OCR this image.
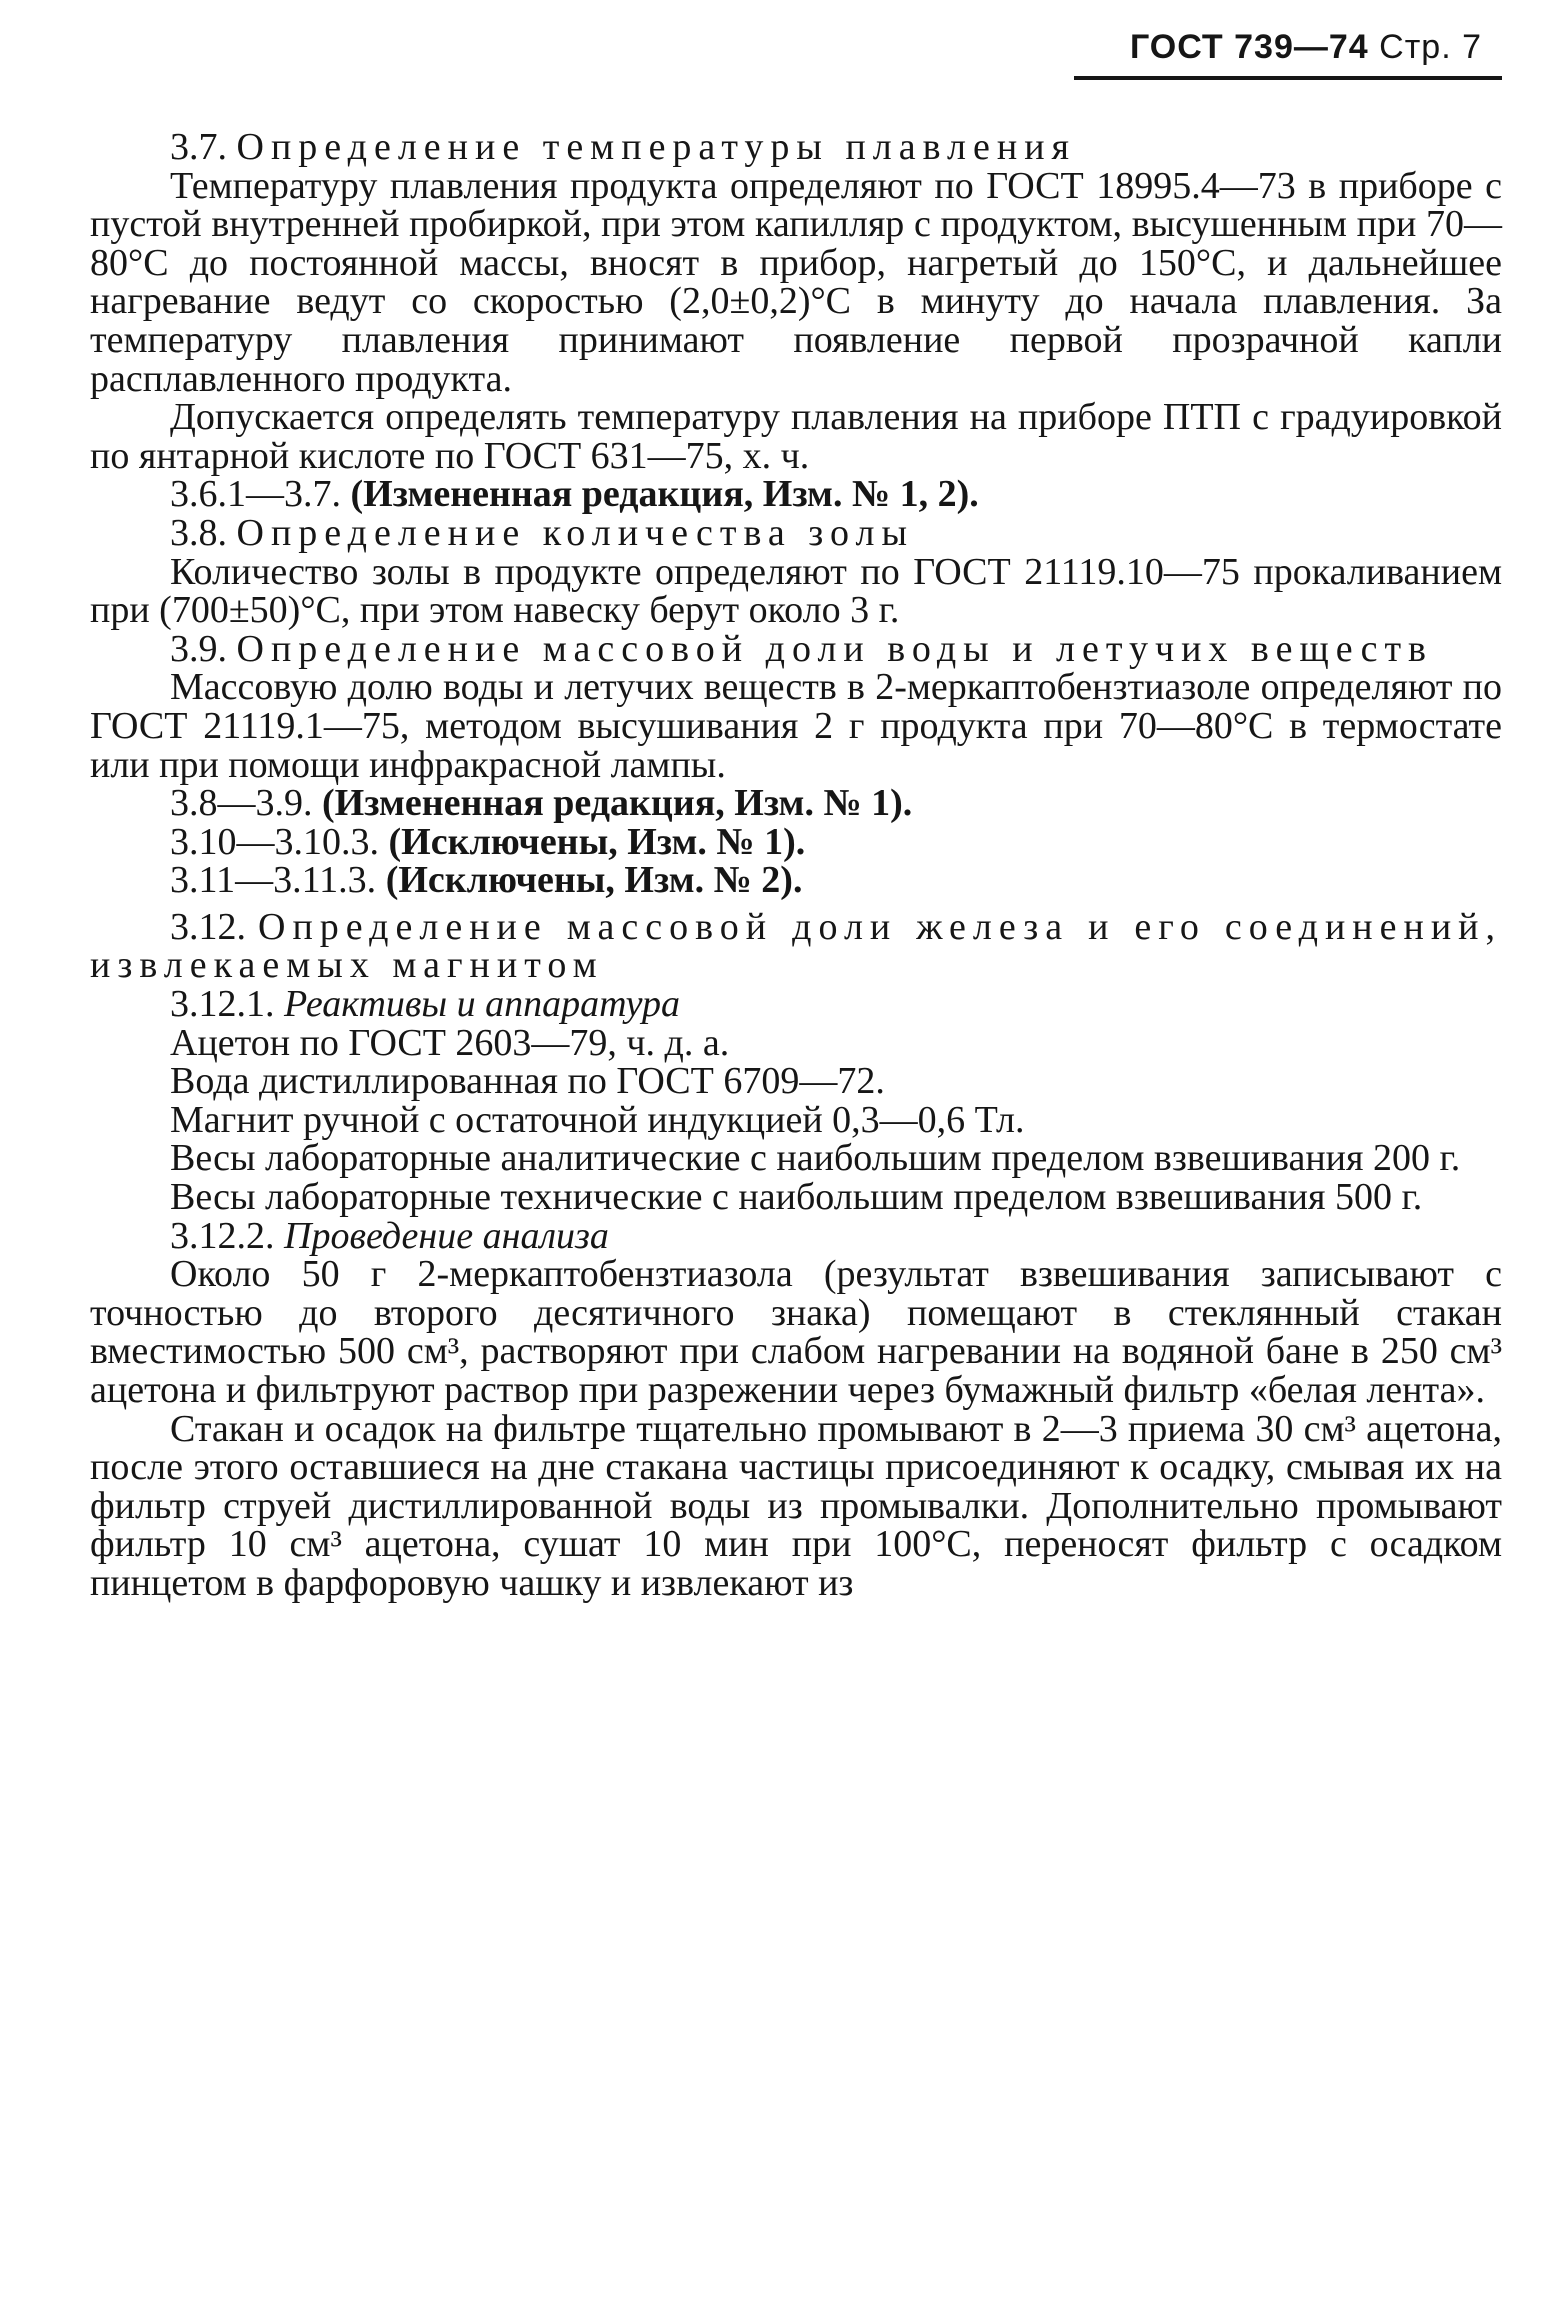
ГОСТ 739—74 Стр. 7

3.7. Определение температуры плавления

Температуру плавления продукта определяют по ГОСТ 18995.4—73 в приборе с пустой внутренней пробиркой, при этом капилляр с продуктом, высушенным при 70—80°C до постоянной массы, вносят в прибор, нагретый до 150°C, и дальнейшее нагревание ведут со скоростью (2,0±0,2)°C в минуту до начала плавления. За температуру плавления принимают появление первой прозрачной капли расплавленного продукта.

Допускается определять температуру плавления на приборе ПТП с градуировкой по янтарной кислоте по ГОСТ 631—75, х. ч.

3.6.1—3.7. (Измененная редакция, Изм. № 1, 2).

3.8. Определение количества золы

Количество золы в продукте определяют по ГОСТ 21119.10—75 прокаливанием при (700±50)°C, при этом навеску берут около 3 г.

3.9. Определение массовой доли воды и летучих веществ

Массовую долю воды и летучих веществ в 2-меркаптобензтиазоле определяют по ГОСТ 21119.1—75, методом высушивания 2 г продукта при 70—80°C в термостате или при помощи инфракрасной лампы.

3.8—3.9. (Измененная редакция, Изм. № 1).

3.10—3.10.3. (Исключены, Изм. № 1).

3.11—3.11.3. (Исключены, Изм. № 2).

3.12. Определение массовой доли железа и его соединений, извлекаемых магнитом

3.12.1. Реактивы и аппаратура

Ацетон по ГОСТ 2603—79, ч. д. а.

Вода дистиллированная по ГОСТ 6709—72.

Магнит ручной с остаточной индукцией 0,3—0,6 Тл.

Весы лабораторные аналитические с наибольшим пределом взвешивания 200 г.

Весы лабораторные технические с наибольшим пределом взвешивания 500 г.

3.12.2. Проведение анализа

Около 50 г 2-меркаптобензтиазола (результат взвешивания записывают с точностью до второго десятичного знака) помещают в стеклянный стакан вместимостью 500 см³, растворяют при слабом нагревании на водяной бане в 250 см³ ацетона и фильтруют раствор при разрежении через бумажный фильтр «белая лента».

Стакан и осадок на фильтре тщательно промывают в 2—3 приема 30 см³ ацетона, после этого оставшиеся на дне стакана частицы присоединяют к осадку, смывая их на фильтр струей дистиллированной воды из промывалки. Дополнительно промывают фильтр 10 см³ ацетона, сушат 10 мин при 100°C, переносят фильтр с осадком пинцетом в фарфоровую чашку и извлекают из
